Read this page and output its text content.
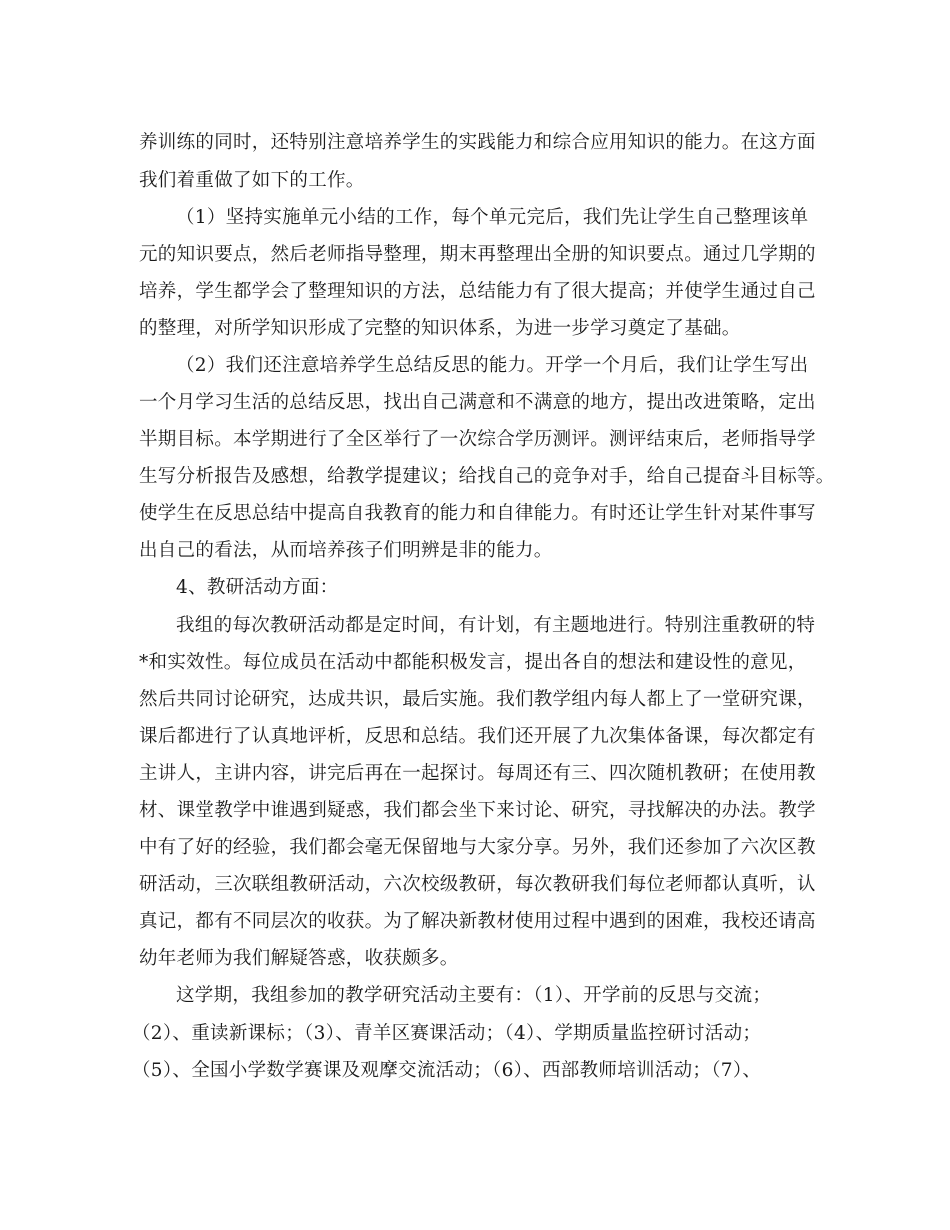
养训练的同时，还特别注意培养学生的实践能力和综合应用知识的能力。在这方面
我们着重做了如下的工作。
（1）坚持实施单元小结的工作，每个单元完后，我们先让学生自己整理该单
元的知识要点，然后老师指导整理，期末再整理出全册的知识要点。通过几学期的
培养，学生都学会了整理知识的方法，总结能力有了很大提高；并使学生通过自己
的整理，对所学知识形成了完整的知识体系，为进一步学习奠定了基础。
（2）我们还注意培养学生总结反思的能力。开学一个月后，我们让学生写出
一个月学习生活的总结反思，找出自己满意和不满意的地方，提出改进策略，定出
半期目标。本学期进行了全区举行了一次综合学历测评。测评结束后，老师指导学
生写分析报告及感想，给教学提建议；给找自己的竞争对手，给自己提奋斗目标等。
使学生在反思总结中提高自我教育的能力和自律能力。有时还让学生针对某件事写
出自己的看法，从而培养孩子们明辨是非的能力。
4、教研活动方面：
我组的每次教研活动都是定时间，有计划，有主题地进行。特别注重教研的特
*和实效性。每位成员在活动中都能积极发言，提出各自的想法和建设性的意见，
然后共同讨论研究，达成共识，最后实施。我们教学组内每人都上了一堂研究课，
课后都进行了认真地评析，反思和总结。我们还开展了九次集体备课，每次都定有
主讲人，主讲内容，讲完后再在一起探讨。每周还有三、四次随机教研；在使用教
材、课堂教学中谁遇到疑惑，我们都会坐下来讨论、研究，寻找解决的办法。教学
中有了好的经验，我们都会毫无保留地与大家分享。另外，我们还参加了六次区教
研活动，三次联组教研活动，六次校级教研，每次教研我们每位老师都认真听，认
真记，都有不同层次的收获。为了解决新教材使用过程中遇到的困难，我校还请高
幼年老师为我们解疑答惑，收获颇多。
这学期，我组参加的教学研究活动主要有：（1）、开学前的反思与交流；
（2）、重读新课标；（3）、青羊区赛课活动；（4）、学期质量监控研讨活动；
（5）、全国小学数学赛课及观摩交流活动；（6）、西部教师培训活动；（7）、
